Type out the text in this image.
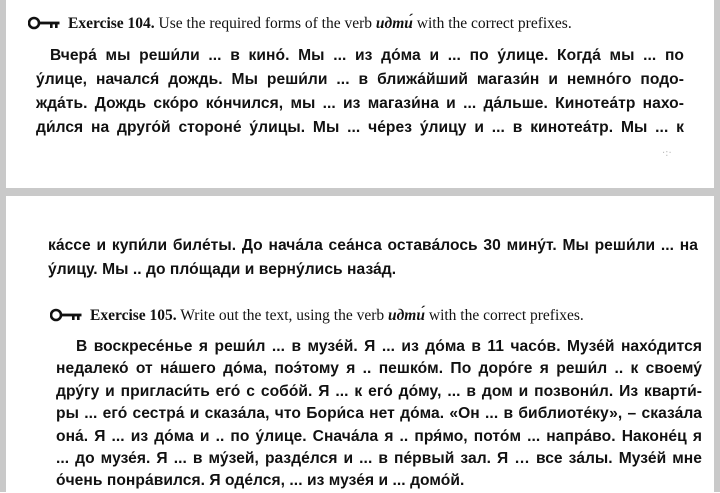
Exercise 104. Use the required forms of the verb идти́ with the correct prefixes.
Вчера́ мы реши́ли ... в кино́. Мы ... из до́ма и ... по у́лице. Когда́ мы ... по
у́лице, начался́ дождь. Мы реши́ли ... в ближа́йший магази́н и немно́го подо-
жда́ть. Дождь ско́ро ко́нчился, мы ... из магази́на и ... да́льше. Кинотеа́тр нахо-
ди́лся на друго́й стороне́ у́лицы. Мы ... че́рез у́лицу и ... в кинотеа́тр. Мы ... к
·:·
ка́ссе и купи́ли биле́ты. До нача́ла сеа́нса остава́лось 30 мину́т. Мы реши́ли ... на
у́лицу. Мы .. до пло́щади и верну́лись наза́д.
Exercise 105. Write out the text, using the verb идти́ with the correct prefixes.
В воскресе́нье я реши́л ... в музе́й. Я ... из до́ма в 11 часо́в. Музе́й нахо́дится
недалеко́ от на́шего до́ма, поэ́тому я .. пешко́м. По доро́ге я реши́л .. к своему́
дру́гу и пригласи́ть его́ с собо́й. Я ... к его́ до́му, ... в дом и позвони́л. Из кварти́-
ры ... его́ сестра́ и сказа́ла, что Бори́са нет до́ма. «Он ... в библиоте́ку», – сказа́ла
она́. Я ... из до́ма и .. по у́лице. Снача́ла я .. пря́мо, пото́м ... напра́во. Наконе́ц я
... до музе́я. Я ... в му́зей, разде́лся и ... в пе́рвый зал. Я … все за́лы. Музе́й мне
о́чень понра́вился. Я оде́лся, ... из музе́я и ... домо́й.
